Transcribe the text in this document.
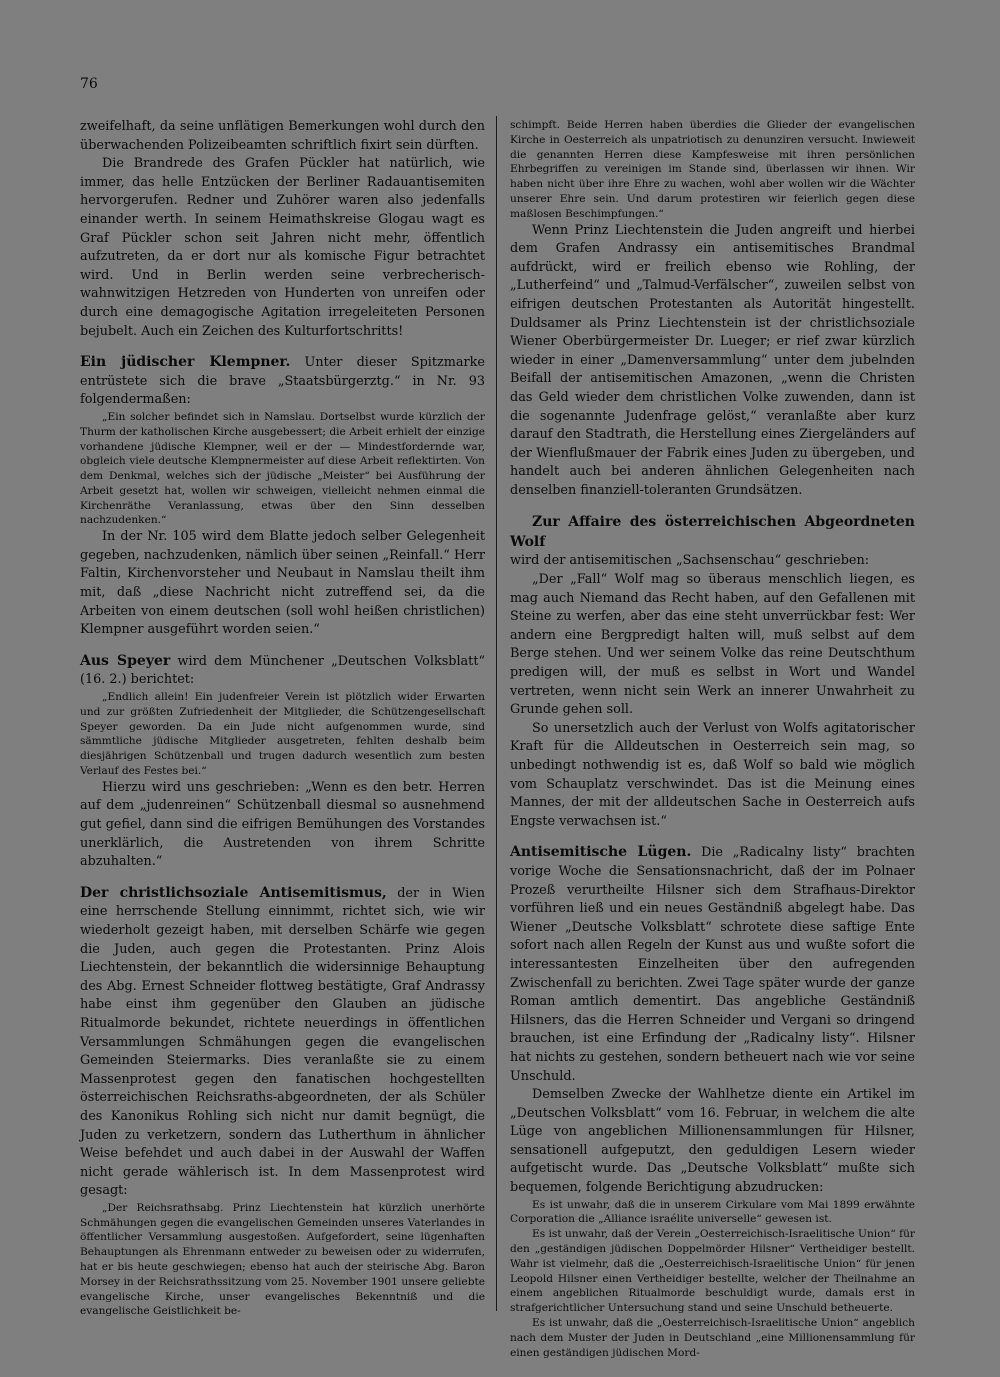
76

zweifelhaft, da seine unflätigen Bemerkungen wohl durch den überwachenden Polizeibeamten schriftlich fixirt sein dürften.

Die Brandrede des Grafen Pückler hat natürlich, wie immer, das helle Entzücken der Berliner Radauantisemiten hervorgerufen. Redner und Zuhörer waren also jedenfalls einander werth. In seinem Heimathskreise Glogau wagt es Graf Pückler schon seit Jahren nicht mehr, öffentlich aufzutreten, da er dort nur als komische Figur betrachtet wird. Und in Berlin werden seine verbrecherisch-wahnwitzigen Hetzreden von Hunderten von unreifen oder durch eine demagogische Agitation irregeleiteten Personen bejubelt. Auch ein Zeichen des Kulturfortschritts!

Ein jüdischer Klempner. Unter dieser Spitzmarke entrüstete sich die brave „Staatsbürgerztg.“ in Nr. 93 folgendermaßen:

„Ein solcher befindet sich in Namslau. Dortselbst wurde kürzlich der Thurm der katholischen Kirche ausgebessert; die Arbeit erhielt der einzige vorhandene jüdische Klempner, weil er der — Mindestfordernde war, obgleich viele deutsche Klempnermeister auf diese Arbeit reflektirten. Von dem Denkmal, welches sich der jüdische „Meister“ bei Ausführung der Arbeit gesetzt hat, wollen wir schweigen, vielleicht nehmen einmal die Kirchenräthe Veranlassung, etwas über den Sinn desselben nachzudenken.“

In der Nr. 105 wird dem Blatte jedoch selber Gelegenheit gegeben, nachzudenken, nämlich über seinen „Reinfall.“ Herr Faltin, Kirchenvorsteher und Neubaut in Namslau theilt ihm mit, daß „diese Nachricht nicht zutreffend sei, da die Arbeiten von einem deutschen (soll wohl heißen christlichen) Klempner ausgeführt worden seien.“

Aus Speyer wird dem Münchener „Deutschen Volksblatt“ (16. 2.) berichtet:

„Endlich allein! Ein judenfreier Verein ist plötzlich wider Erwarten und zur größten Zufriedenheit der Mitglieder, die Schützengesellschaft Speyer geworden. Da ein Jude nicht aufgenommen wurde, sind sämmtliche jüdische Mitglieder ausgetreten, fehlten deshalb beim diesjährigen Schützenball und trugen dadurch wesentlich zum besten Verlauf des Festes bei.“

Hierzu wird uns geschrieben: „Wenn es den betr. Herren auf dem „judenreinen“ Schützenball diesmal so ausnehmend gut gefiel, dann sind die eifrigen Bemühungen des Vorstandes unerklärlich, die Austretenden von ihrem Schritte abzuhalten.“

Der christlichsoziale Antisemitismus, der in Wien eine herrschende Stellung einnimmt, richtet sich, wie wir wiederholt gezeigt haben, mit derselben Schärfe wie gegen die Juden, auch gegen die Protestanten. Prinz Alois Liechtenstein, der bekanntlich die widersinnige Behauptung des Abg. Ernest Schneider flottweg bestätigte, Graf Andrassy habe einst ihm gegenüber den Glauben an jüdische Ritualmorde bekundet, richtete neuerdings in öffentlichen Versammlungen Schmähungen gegen die evangelischen Gemeinden Steiermarks. Dies veranlaßte sie zu einem Massenprotest gegen den fanatischen hochgestellten österreichischen Reichsraths-abgeordneten, der als Schüler des Kanonikus Rohling sich nicht nur damit begnügt, die Juden zu verketzern, sondern das Lutherthum in ähnlicher Weise befehdet und auch dabei in der Auswahl der Waffen nicht gerade wählerisch ist. In dem Massenprotest wird gesagt:

„Der Reichsrathsabg. Prinz Liechtenstein hat kürzlich unerhörte Schmähungen gegen die evangelischen Gemeinden unseres Vaterlandes in öffentlicher Versammlung ausgestoßen. Aufgefordert, seine lügenhaften Behauptungen als Ehrenmann entweder zu beweisen oder zu widerrufen, hat er bis heute geschwiegen; ebenso hat auch der steirische Abg. Baron Morsey in der Reichsrathssitzung vom 25. November 1901 unsere geliebte evangelische Kirche, unser evangelisches Bekenntniß und die evangelische Geistlichkeit be-

schimpft. Beide Herren haben überdies die Glieder der evangelischen Kirche in Oesterreich als unpatriotisch zu denunziren versucht. Inwieweit die genannten Herren diese Kampfesweise mit ihren persönlichen Ehrbegriffen zu vereinigen im Stande sind, überlassen wir ihnen. Wir haben nicht über ihre Ehre zu wachen, wohl aber wollen wir die Wächter unserer Ehre sein. Und darum protestiren wir feierlich gegen diese maßlosen Beschimpfungen.“

Wenn Prinz Liechtenstein die Juden angreift und hierbei dem Grafen Andrassy ein antisemitisches Brandmal aufdrückt, wird er freilich ebenso wie Rohling, der „Lutherfeind“ und „Talmud-Verfälscher“, zuweilen selbst von eifrigen deutschen Protestanten als Autorität hingestellt. Duldsamer als Prinz Liechtenstein ist der christlichsoziale Wiener Oberbürgermeister Dr. Lueger; er rief zwar kürzlich wieder in einer „Damenversammlung“ unter dem jubelnden Beifall der antisemitischen Amazonen, „wenn die Christen das Geld wieder dem christlichen Volke zuwenden, dann ist die sogenannte Judenfrage gelöst,“ veranlaßte aber kurz darauf den Stadtrath, die Herstellung eines Ziergeländers auf der Wienflußmauer der Fabrik eines Juden zu übergeben, und handelt auch bei anderen ähnlichen Gelegenheiten nach denselben finanziell-toleranten Grundsätzen.

Zur Affaire des österreichischen Abgeordneten Wolf

wird der antisemitischen „Sachsenschau“ geschrieben:

„Der „Fall“ Wolf mag so überaus menschlich liegen, es mag auch Niemand das Recht haben, auf den Gefallenen mit Steine zu werfen, aber das eine steht unverrückbar fest: Wer andern eine Bergpredigt halten will, muß selbst auf dem Berge stehen. Und wer seinem Volke das reine Deutschthum predigen will, der muß es selbst in Wort und Wandel vertreten, wenn nicht sein Werk an innerer Unwahrheit zu Grunde gehen soll.

So unersetzlich auch der Verlust von Wolfs agitatorischer Kraft für die Alldeutschen in Oesterreich sein mag, so unbedingt nothwendig ist es, daß Wolf so bald wie möglich vom Schauplatz verschwindet. Das ist die Meinung eines Mannes, der mit der alldeutschen Sache in Oesterreich aufs Engste verwachsen ist.“

Antisemitische Lügen. Die „Radicalny listy“ brachten vorige Woche die Sensationsnachricht, daß der im Polnaer Prozeß verurtheilte Hilsner sich dem Strafhaus-Direktor vorführen ließ und ein neues Geständniß abgelegt habe. Das Wiener „Deutsche Volksblatt“ schrotete diese saftige Ente sofort nach allen Regeln der Kunst aus und wußte sofort die interessantesten Einzelheiten über den aufregenden Zwischenfall zu berichten. Zwei Tage später wurde der ganze Roman amtlich dementirt. Das angebliche Geständniß Hilsners, das die Herren Schneider und Vergani so dringend brauchen, ist eine Erfindung der „Radicalny listy“. Hilsner hat nichts zu gestehen, sondern betheuert nach wie vor seine Unschuld.

Demselben Zwecke der Wahlhetze diente ein Artikel im „Deutschen Volksblatt“ vom 16. Februar, in welchem die alte Lüge von angeblichen Millionensammlungen für Hilsner, sensationell aufgeputzt, den geduldigen Lesern wieder aufgetischt wurde. Das „Deutsche Volksblatt“ mußte sich bequemen, folgende Berichtigung abzudrucken:

Es ist unwahr, daß die in unserem Cirkulare vom Mai 1899 erwähnte Corporation die „Alliance israélite universelle“ gewesen ist.

Es ist unwahr, daß der Verein „Oesterreichisch-Israelitische Union“ für den „geständigen jüdischen Doppelmörder Hilsner“ Vertheidiger bestellt. Wahr ist vielmehr, daß die „Oesterreichisch-Israelitische Union“ für jenen Leopold Hilsner einen Vertheidiger bestellte, welcher der Theilnahme an einem angeblichen Ritualmorde beschuldigt wurde, damals erst in strafgerichtlicher Untersuchung stand und seine Unschuld betheuerte.

Es ist unwahr, daß die „Oesterreichisch-Israelitische Union“ angeblich nach dem Muster der Juden in Deutschland „eine Millionensammlung für einen geständigen jüdischen Mord-
